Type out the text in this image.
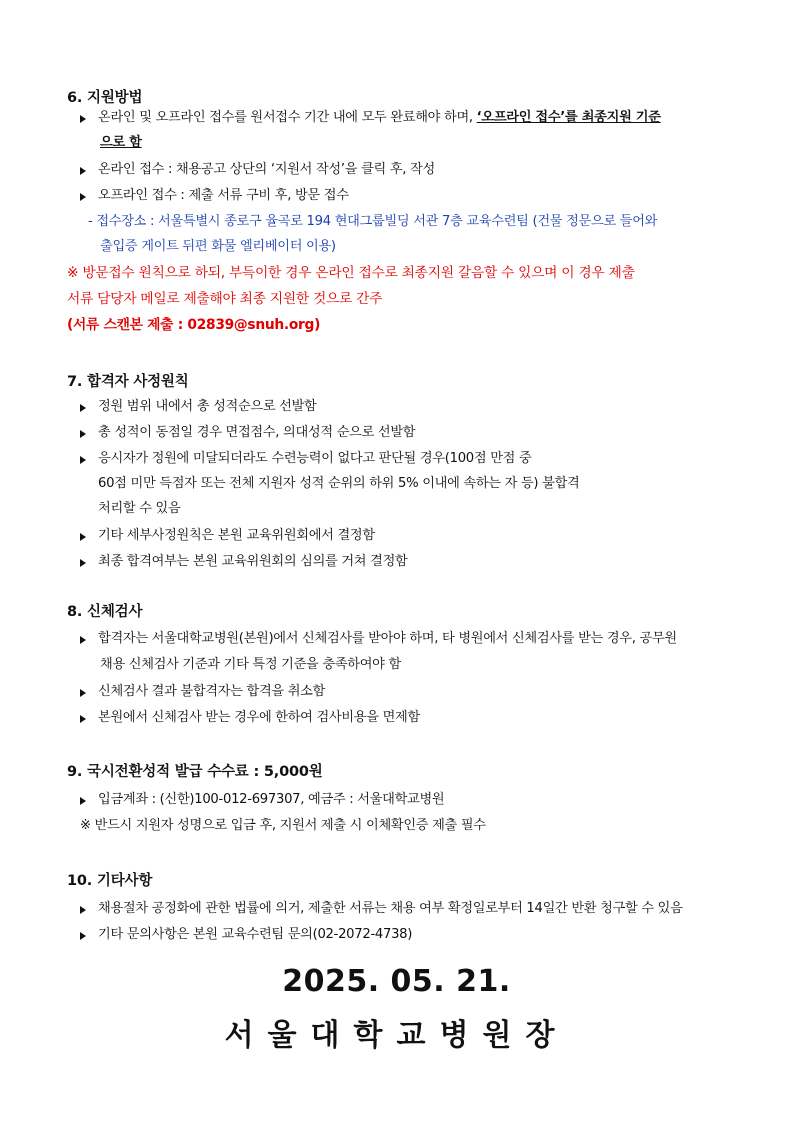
6. 지원방법
온라인 및 오프라인 접수를 원서접수 기간 내에 모두 완료해야 하며, ‘오프라인 접수’를 최종지원 기준
으로 함
온라인 접수 : 채용공고 상단의 ‘지원서 작성’을 클릭 후, 작성
오프라인 접수 : 제출 서류 구비 후, 방문 접수
- 접수장소 : 서울특별시 종로구 율곡로 194 현대그룹빌딩 서관 7층 교육수련팀 (건물 정문으로 들어와
출입증 게이트 뒤편 화물 엘리베이터 이용)
※ 방문접수 원칙으로 하되, 부득이한 경우 온라인 접수로 최종지원 갈음할 수 있으며 이 경우 제출
서류 담당자 메일로 제출해야 최종 지원한 것으로 간주
(서류 스캔본 제출 : 02839@snuh.org)
7. 합격자 사정원칙
정원 범위 내에서 총 성적순으로 선발함
총 성적이 동점일 경우 면접점수, 의대성적 순으로 선발함
응시자가 정원에 미달되더라도 수련능력이 없다고 판단될 경우(100점 만점 중
60점 미만 득점자 또는 전체 지원자 성적 순위의 하위 5% 이내에 속하는 자 등) 불합격
처리할 수 있음
기타 세부사정원칙은 본원 교육위원회에서 결정함
최종 합격여부는 본원 교육위원회의 심의를 거쳐 결정함
8. 신체검사
합격자는 서울대학교병원(본원)에서 신체검사를 받아야 하며, 타 병원에서 신체검사를 받는 경우, 공무원
채용 신체검사 기준과 기타 특정 기준을 충족하여야 함
신체검사 결과 불합격자는 합격을 취소함
본원에서 신체검사 받는 경우에 한하여 검사비용을 면제함
9. 국시전환성적 발급 수수료 : 5,000원
입금계좌 : (신한)100-012-697307, 예금주 : 서울대학교병원
※ 반드시 지원자 성명으로 입금 후, 지원서 제출 시 이체확인증 제출 필수
10. 기타사항
채용절차 공정화에 관한 법률에 의거, 제출한 서류는 채용 여부 확정일로부터 14일간 반환 청구할 수 있음
기타 문의사항은 본원 교육수련팀 문의(02-2072-4738)
2025. 05. 21.
서울대학교병원장
